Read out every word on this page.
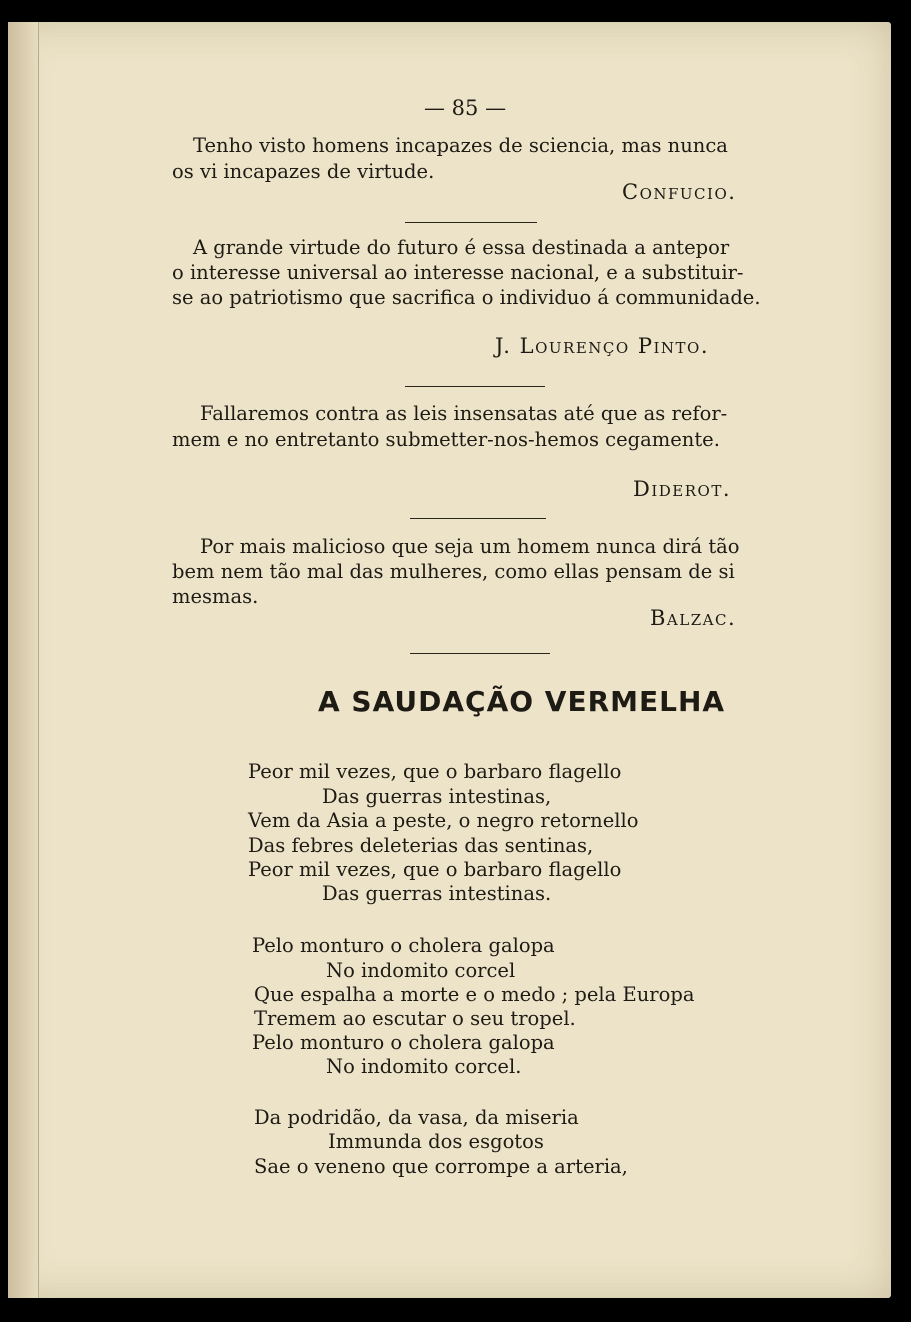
— 85 —
Tenho visto homens incapazes de sciencia, mas nunca
os vi incapazes de virtude.
Confucio.
A grande virtude do futuro é essa destinada a antepor
o interesse universal ao interesse nacional, e a substituir-
se ao patriotismo que sacrifica o individuo á communidade.
J. Lourenço Pinto.
Fallaremos contra as leis insensatas até que as refor-
mem e no entretanto submetter-nos-hemos cegamente.
Diderot.
Por mais malicioso que seja um homem nunca dirá tão
bem nem tão mal das mulheres, como ellas pensam de si
mesmas.
Balzac.
A SAUDAÇÃO VERMELHA
Peor mil vezes, que o barbaro flagello
Das guerras intestinas,
Vem da Asia a peste, o negro retornello
Das febres deleterias das sentinas,
Peor mil vezes, que o barbaro flagello
Das guerras intestinas.
Pelo monturo o cholera galopa
No indomito corcel
Que espalha a morte e o medo ; pela Europa
Tremem ao escutar o seu tropel.
Pelo monturo o cholera galopa
No indomito corcel.
Da podridão, da vasa, da miseria
Immunda dos esgotos
Sae o veneno que corrompe a arteria,
